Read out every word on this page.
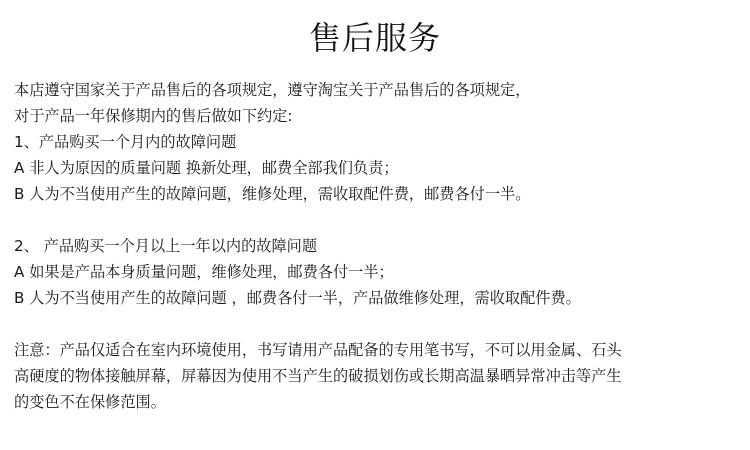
售后服务
本店遵守国家关于产品售后的各项规定，遵守淘宝关于产品售后的各项规定，
对于产品一年保修期内的售后做如下约定:
1、产品购买一个月内的故障问题
A 非人为原因的质量问题 换新处理，邮费全部我们负责；
B 人为不当使用产生的故障问题，维修处理，需收取配件费，邮费各付一半。
2、 产品购买一个月以上一年以内的故障问题
A 如果是产品本身质量问题，维修处理，邮费各付一半；
B 人为不当使用产生的故障问题 ，邮费各付一半，产品做维修处理，需收取配件费。
注意：产品仅适合在室内环境使用，书写请用产品配备的专用笔书写，不可以用金属、石头
高硬度的物体接触屏幕，屏幕因为使用不当产生的破损划伤或长期高温暴晒异常冲击等产生
的变色不在保修范围。
